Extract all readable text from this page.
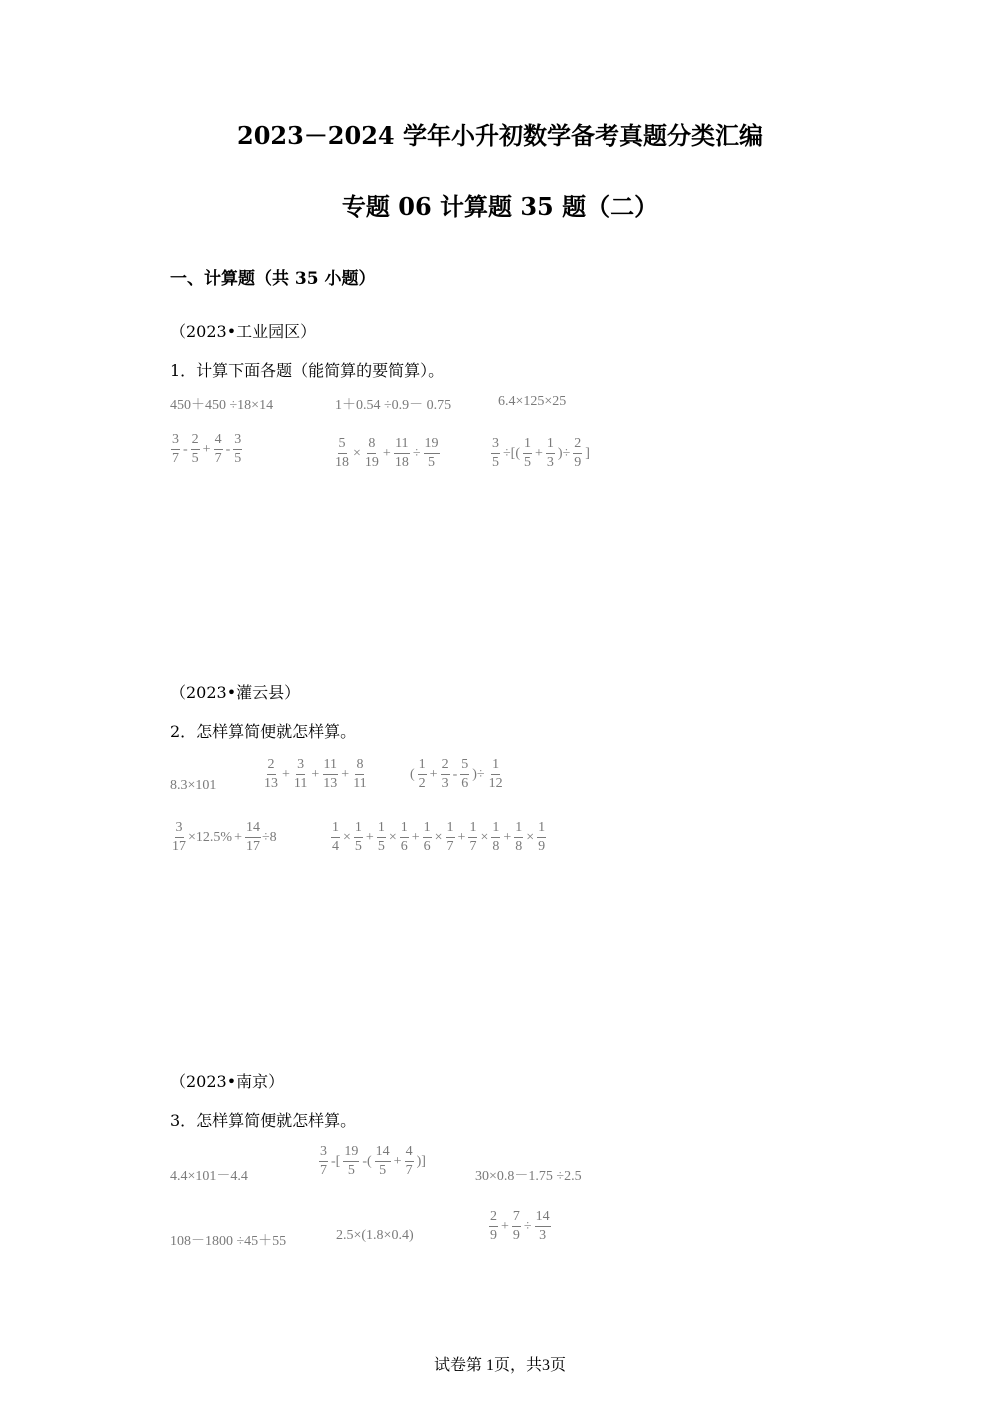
2023－2024 学年小升初数学备考真题分类汇编
专题 06 计算题 35 题（二）
一、计算题（共 35 小题）
（2023•工业园区）
1．计算下面各题（能简算的要简算）。
450＋450 ÷18×14	1＋0.54 ÷0.9－ 0.75	6.4×125×25
3
7
-
2
5
+ $\frac{4}{7}$ -
3
5	$\frac{5}{18} \times \frac{8}{19} + \frac{11}{18} \div \frac{19}{5}$	$\frac{3}{5}$ ÷[(
1
5
+ $\frac{1}{3}$ )÷ $\frac{2}{9}$ ]
（2023•灌云县）
2．怎样算简便就怎样算。
8.3×101
2
13
+ $\frac{3}{11} + \frac{11}{13} + \frac{8}{11}$	(
1
2
+ $\frac{2}{3}$ -
5
6
)÷ $\frac{1}{12}$
$\frac{3}{17} \times 12.5\% + \frac{14}{17} \div 8$	$\frac{1}{4} \times \frac{1}{5} + \frac{1}{5} \times \frac{1}{6} + \frac{1}{6} \times \frac{1}{7} + \frac{1}{7} \times \frac{1}{8} + \frac{1}{8} \times \frac{1}{9}$
（2023•南京）
3．怎样算简便就怎样算。
4.4×101－4.4
3
7
-[
19
5
-(
14
5
+ $\frac{4}{7}$ )]
30×0.8－1.75 ÷2.5
108－1800 ÷45＋55	2.5×(1.8×0.4)
2
9
+ $\frac{7}{9} \div \frac{14}{3}$
试卷第 1页，共3页
